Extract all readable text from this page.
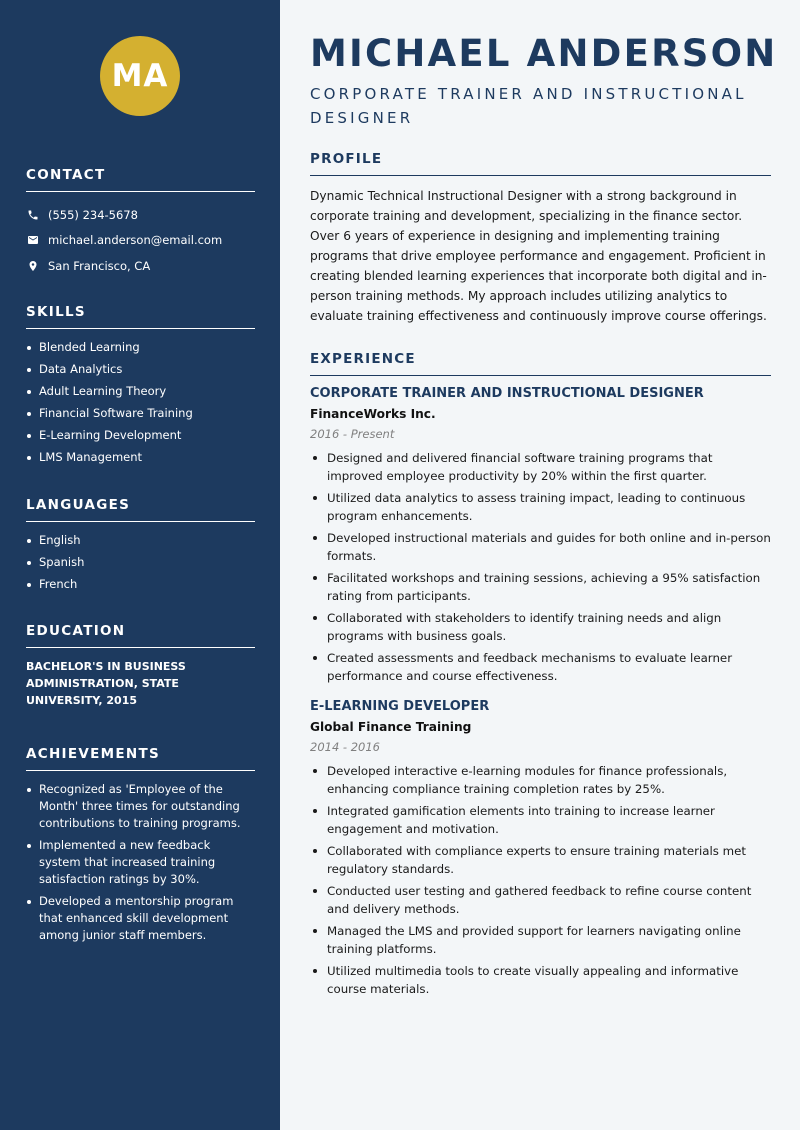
MA
CONTACT
(555) 234-5678
michael.anderson@email.com
San Francisco, CA
SKILLS
Blended Learning
Data Analytics
Adult Learning Theory
Financial Software Training
E-Learning Development
LMS Management
LANGUAGES
English
Spanish
French
EDUCATION

BACHELOR'S IN BUSINESS ADMINISTRATION, STATE UNIVERSITY, 2015

ACHIEVEMENTS
Recognized as 'Employee of the Month' three times for outstanding contributions to training programs.
Implemented a new feedback system that increased training satisfaction ratings by 30%.
Developed a mentorship program that enhanced skill development among junior staff members.
MICHAEL ANDERSON
CORPORATE TRAINER AND INSTRUCTIONAL DESIGNER
PROFILE

Dynamic Technical Instructional Designer with a strong background in corporate training and development, specializing in the finance sector. Over 6 years of experience in designing and implementing training programs that drive employee performance and engagement. Proficient in creating blended learning experiences that incorporate both digital and in-person training methods. My approach includes utilizing analytics to evaluate training effectiveness and continuously improve course offerings.

EXPERIENCE
CORPORATE TRAINER AND INSTRUCTIONAL DESIGNER
FinanceWorks Inc.
2016 - Present
Designed and delivered financial software training programs that improved employee productivity by 20% within the first quarter.
Utilized data analytics to assess training impact, leading to continuous program enhancements.
Developed instructional materials and guides for both online and in-person formats.
Facilitated workshops and training sessions, achieving a 95% satisfaction rating from participants.
Collaborated with stakeholders to identify training needs and align programs with business goals.
Created assessments and feedback mechanisms to evaluate learner performance and course effectiveness.
E-LEARNING DEVELOPER
Global Finance Training
2014 - 2016
Developed interactive e-learning modules for finance professionals, enhancing compliance training completion rates by 25%.
Integrated gamification elements into training to increase learner engagement and motivation.
Collaborated with compliance experts to ensure training materials met regulatory standards.
Conducted user testing and gathered feedback to refine course content and delivery methods.
Managed the LMS and provided support for learners navigating online training platforms.
Utilized multimedia tools to create visually appealing and informative course materials.
